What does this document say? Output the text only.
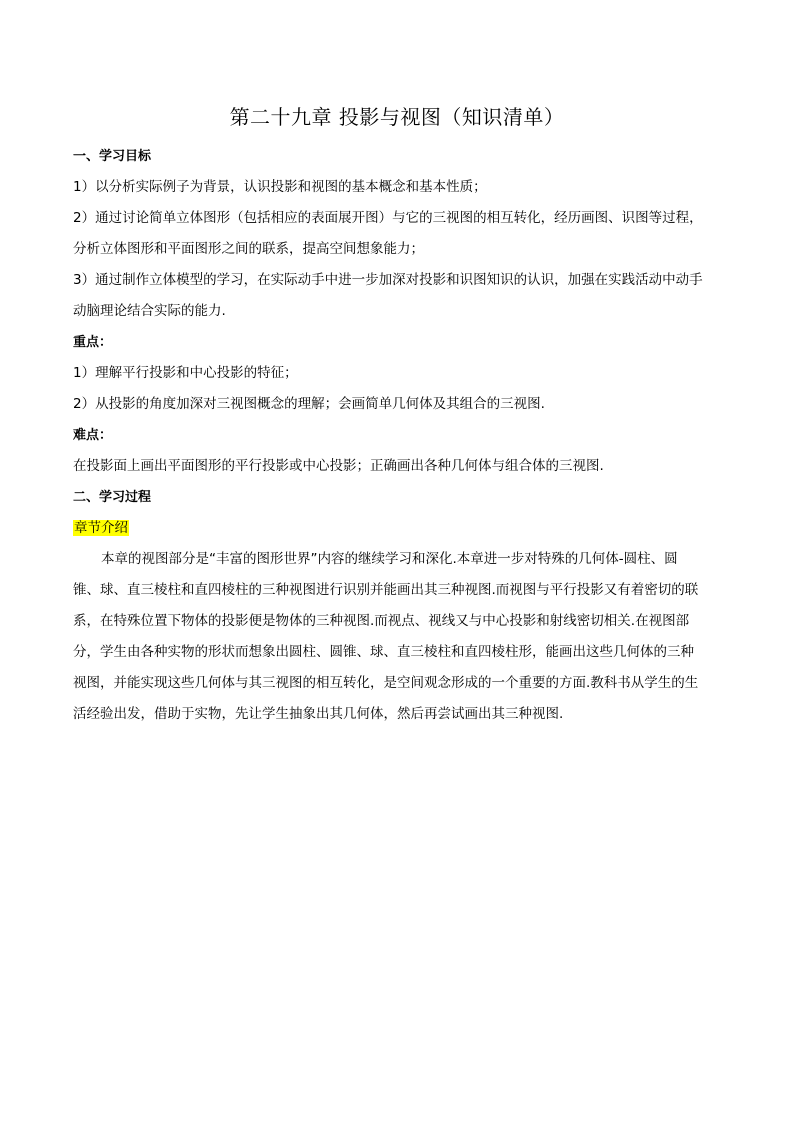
第二十九章 投影与视图（知识清单）
一、学习目标
1）以分析实际例子为背景，认识投影和视图的基本概念和基本性质；
2）通过讨论简单立体图形（包括相应的表面展开图）与它的三视图的相互转化，经历画图、识图等过程，
分析立体图形和平面图形之间的联系，提高空间想象能力；
3）通过制作立体模型的学习，在实际动手中进一步加深对投影和识图知识的认识，加强在实践活动中动手
动脑理论结合实际的能力.
重点：
1）理解平行投影和中心投影的特征；
2）从投影的角度加深对三视图概念的理解；会画简单几何体及其组合的三视图.
难点：
在投影面上画出平面图形的平行投影或中心投影；正确画出各种几何体与组合体的三视图.
二、学习过程
章节介绍
本章的视图部分是“丰富的图形世界”内容的继续学习和深化.本章进一步对特殊的几何体-圆柱、圆
锥、球、直三棱柱和直四棱柱的三种视图进行识别并能画出其三种视图.而视图与平行投影又有着密切的联
系，在特殊位置下物体的投影便是物体的三种视图.而视点、视线又与中心投影和射线密切相关.在视图部
分，学生由各种实物的形状而想象出圆柱、圆锥、球、直三棱柱和直四棱柱形，能画出这些几何体的三种
视图，并能实现这些几何体与其三视图的相互转化，是空间观念形成的一个重要的方面.教科书从学生的生
活经验出发，借助于实物，先让学生抽象出其几何体，然后再尝试画出其三种视图.
